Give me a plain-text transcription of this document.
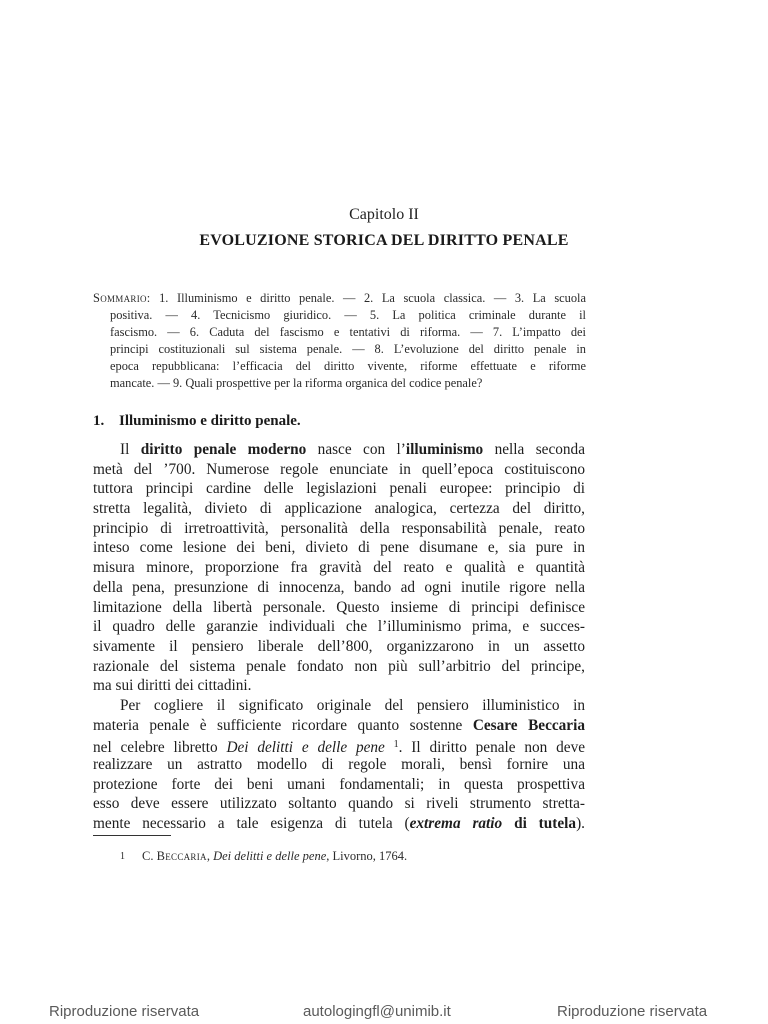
Capitolo II
EVOLUZIONE STORICA DEL DIRITTO PENALE
Sommario: 1. Illuminismo e diritto penale. — 2. La scuola classica. — 3. La scuola
positiva. — 4. Tecnicismo giuridico. — 5. La politica criminale durante il
fascismo. — 6. Caduta del fascismo e tentativi di riforma. — 7. L’impatto dei
principi costituzionali sul sistema penale. — 8. L’evoluzione del diritto penale in
epoca repubblicana: l’efficacia del diritto vivente, riforme effettuate e riforme
mancate. — 9. Quali prospettive per la riforma organica del codice penale?
1. Illuminismo e diritto penale.
Il diritto penale moderno nasce con l’illuminismo nella seconda
metà del ’700. Numerose regole enunciate in quell’epoca costituiscono
tuttora principi cardine delle legislazioni penali europee: principio di
stretta legalità, divieto di applicazione analogica, certezza del diritto,
principio di irretroattività, personalità della responsabilità penale, reato
inteso come lesione dei beni, divieto di pene disumane e, sia pure in
misura minore, proporzione fra gravità del reato e qualità e quantità
della pena, presunzione di innocenza, bando ad ogni inutile rigore nella
limitazione della libertà personale. Questo insieme di principi definisce
il quadro delle garanzie individuali che l’illuminismo prima, e succes-
sivamente il pensiero liberale dell’800, organizzarono in un assetto
razionale del sistema penale fondato non più sull’arbitrio del principe,
ma sui diritti dei cittadini.
Per cogliere il significato originale del pensiero illuministico in
materia penale è sufficiente ricordare quanto sostenne Cesare Beccaria
nel celebre libretto Dei delitti e delle pene $^1$. Il diritto penale non deve
realizzare un astratto modello di regole morali, bensì fornire una
protezione forte dei beni umani fondamentali; in questa prospettiva
esso deve essere utilizzato soltanto quando si riveli strumento stretta-
mente necessario a tale esigenza di tutela (extrema ratio di tutela).
1 C. Beccaria, Dei delitti e delle pene, Livorno, 1764.
Riproduzione riservata	autologingfl@unimib.it	Riproduzione riservata
